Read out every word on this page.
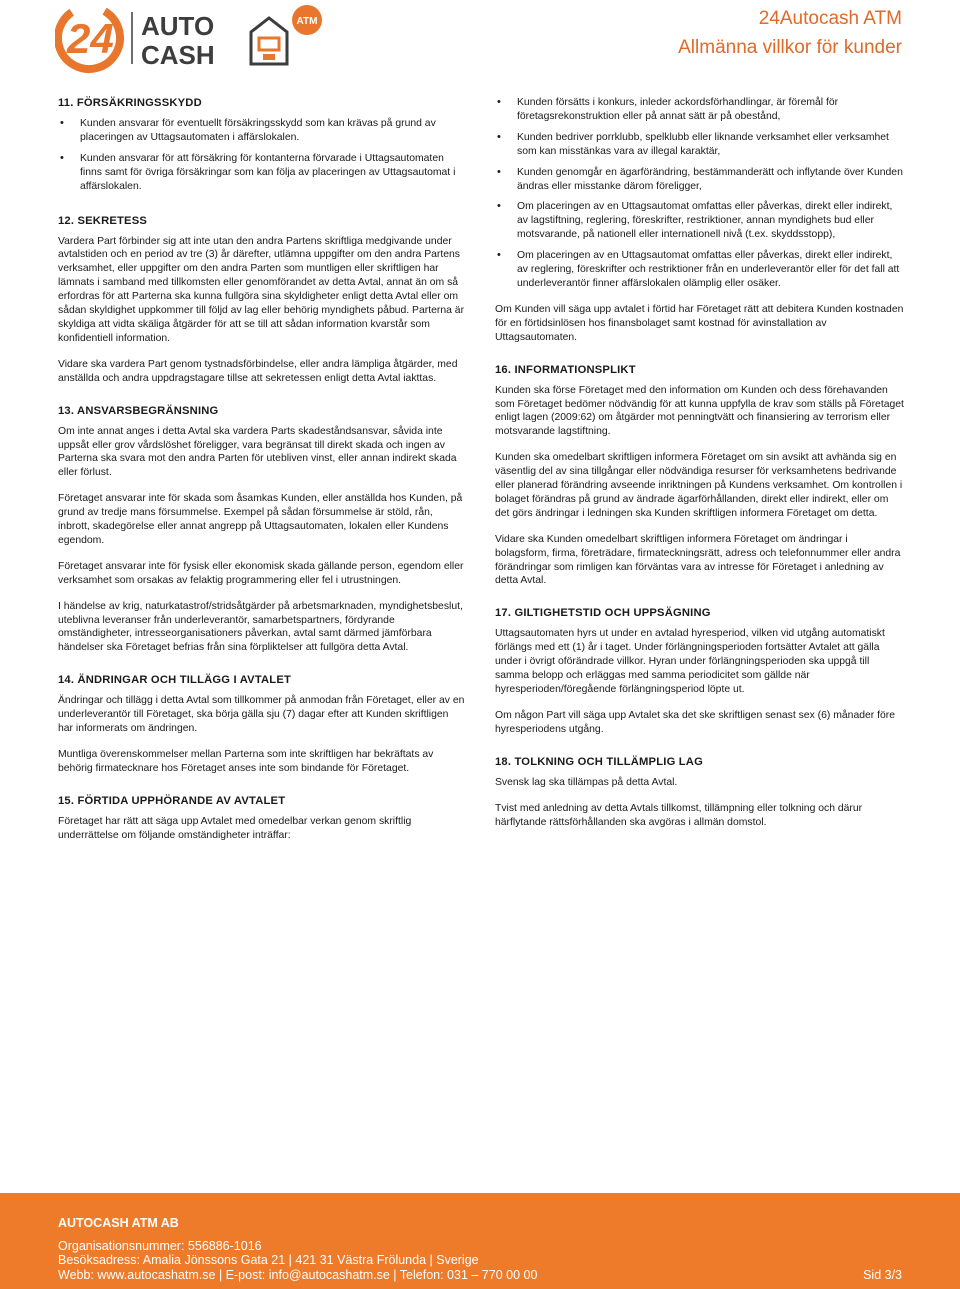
24 AUTO
CASH
ATM	24Autocash ATM
Allmänna villkor för kunder
11. FÖRSÄKRINGSSKYDD
• Kunden ansvarar för eventuellt försäkringsskydd som kan krävas på grund av placeringen av Uttagsautomaten i affärslokalen.
• Kunden ansvarar för att försäkring för kontanterna förvarade i Uttagsautomaten finns samt för övriga försäkringar som kan följa av placeringen av Uttagsautomat i affärslokalen.
12. SEKRETESS

Vardera Part förbinder sig att inte utan den andra Partens skriftliga medgivande under avtalstiden och en period av tre (3) år därefter, utlämna uppgifter om den andra Partens verksamhet, eller uppgifter om den andra Parten som muntligen eller skriftligen har lämnats i samband med tillkomsten eller genomförandet av detta Avtal, annat än om så erfordras för att Parterna ska kunna fullgöra sina skyldigheter enligt detta Avtal eller om sådan skyldighet uppkommer till följd av lag eller behörig myndighets påbud. Parterna är skyldiga att vidta skäliga åtgärder för att se till att sådan information kvarstår som konfidentiell information.

Vidare ska vardera Part genom tystnadsförbindelse, eller andra lämpliga åtgärder, med anställda och andra uppdragstagare tillse att sekretessen enligt detta Avtal iakttas.

13. ANSVARSBEGRÄNSNING

Om inte annat anges i detta Avtal ska vardera Parts skadeståndsansvar, såvida inte uppsåt eller grov vårdslöshet föreligger, vara begränsat till direkt skada och ingen av Parterna ska svara mot den andra Parten för utebliven vinst, eller annan indirekt skada eller förlust.

Företaget ansvarar inte för skada som åsamkas Kunden, eller anställda hos Kunden, på grund av tredje mans försummelse. Exempel på sådan försummelse är stöld, rån, inbrott, skadegörelse eller annat angrepp på Uttagsautomaten, lokalen eller Kundens egendom.

Företaget ansvarar inte för fysisk eller ekonomisk skada gällande person, egendom eller verksamhet som orsakas av felaktig programmering eller fel i utrustningen.

I händelse av krig, naturkatastrof/stridsåtgärder på arbetsmarknaden, myndighetsbeslut, uteblivna leveranser från underleverantör, samarbetspartners, fördyrande omständigheter, intresseorganisationers påverkan, avtal samt därmed jämförbara händelser ska Företaget befrias från sina förpliktelser att fullgöra detta Avtal.

14. ÄNDRINGAR OCH TILLÄGG I AVTALET

Ändringar och tillägg i detta Avtal som tillkommer på anmodan från Företaget, eller av en underleverantör till Företaget, ska börja gälla sju (7) dagar efter att Kunden skriftligen har informerats om ändringen.

Muntliga överenskommelser mellan Parterna som inte skriftligen har bekräftats av behörig firmatecknare hos Företaget anses inte som bindande för Företaget.

15. FÖRTIDA UPPHÖRANDE AV AVTALET

Företaget har rätt att säga upp Avtalet med omedelbar verkan genom skriftlig underrättelse om följande omständigheter inträffar:

• Kunden försätts i konkurs, inleder ackordsförhandlingar, är föremål för företagsrekonstruktion eller på annat sätt är på obestånd,
• Kunden bedriver porrklubb, spelklubb eller liknande verksamhet eller verksamhet som kan misstänkas vara av illegal karaktär,
• Kunden genomgår en ägarförändring, bestämmanderätt och inflytande över Kunden ändras eller misstanke därom föreligger,
• Om placeringen av en Uttagsautomat omfattas eller påverkas, direkt eller indirekt, av lagstiftning, reglering, föreskrifter, restriktioner, annan myndighets bud eller motsvarande, på nationell eller internationell nivå (t.ex. skyddsstopp),
• Om placeringen av en Uttagsautomat omfattas eller påverkas, direkt eller indirekt, av reglering, föreskrifter och restriktioner från en underleverantör eller för det fall att underleverantör finner affärslokalen olämplig eller osäker.

Om Kunden vill säga upp avtalet i förtid har Företaget rätt att debitera Kunden kostnaden för en förtidsinlösen hos finansbolaget samt kostnad för avinstallation av Uttagsautomaten.

16. INFORMATIONSPLIKT

Kunden ska förse Företaget med den information om Kunden och dess förehavanden som Företaget bedömer nödvändig för att kunna uppfylla de krav som ställs på Företaget enligt lagen (2009:62) om åtgärder mot penningtvätt och finansiering av terrorism eller motsvarande lagstiftning.

Kunden ska omedelbart skriftligen informera Företaget om sin avsikt att avhända sig en väsentlig del av sina tillgångar eller nödvändiga resurser för verksamhetens bedrivande eller planerad förändring avseende inriktningen på Kundens verksamhet. Om kontrollen i bolaget förändras på grund av ändrade ägarförhållanden, direkt eller indirekt, eller om det görs ändringar i ledningen ska Kunden skriftligen informera Företaget om detta.

Vidare ska Kunden omedelbart skriftligen informera Företaget om ändringar i bolagsform, firma, företrädare, firmateckningsrätt, adress och telefonnummer eller andra förändringar som rimligen kan förväntas vara av intresse för Företaget i anledning av detta Avtal.

17. GILTIGHETSTID OCH UPPSÄGNING

Uttagsautomaten hyrs ut under en avtalad hyresperiod, vilken vid utgång automatiskt förlängs med ett (1) år i taget. Under förlängningsperioden fortsätter Avtalet att gälla under i övrigt oförändrade villkor. Hyran under förlängningsperioden ska uppgå till samma belopp och erläggas med samma periodicitet som gällde när hyresperioden/föregående förlängningsperiod löpte ut.

Om någon Part vill säga upp Avtalet ska det ske skriftligen senast sex (6) månader före hyresperiodens utgång.

18. TOLKNING OCH TILLÄMPLIG LAG

Svensk lag ska tillämpas på detta Avtal.

Tvist med anledning av detta Avtals tillkomst, tillämpning eller tolkning och därur härflytande rättsförhållanden ska avgöras i allmän domstol.

AUTOCASH ATM AB
Organisationsnummer: 556886-1016
Besöksadress: Amalia Jönssons Gata 21 | 421 31 Västra Frölunda | Sverige
Webb: www.autocashatm.se | E-post: info@autocashatm.se | Telefon: 031 – 770 00 00	Sid 3/3
